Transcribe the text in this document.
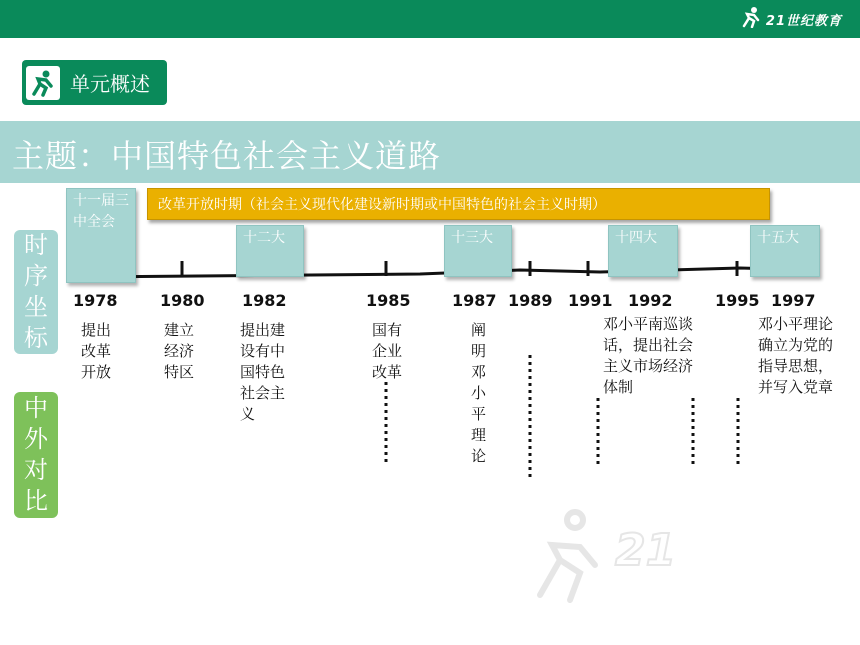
21世纪教育
单元概述
主题：中国特色社会主义道路
时
序
坐
标
中
外
对
比
改革开放时期（社会主义现代化建设新时期或中国特色的社会主义时期）
十一届三中全会
十二大	十三大	十四大	十五大
1978	1980 1982	1985	1987 1989 1991 1992	1995 1997
提出改革开放
建立经济特区
提出建设有中国特色社会主义
国有企业改革
阐明邓小平理论
邓小平南巡谈话，提出社会主义市场经济体制
邓小平理论确立为党的指导思想，并写入党章
21
